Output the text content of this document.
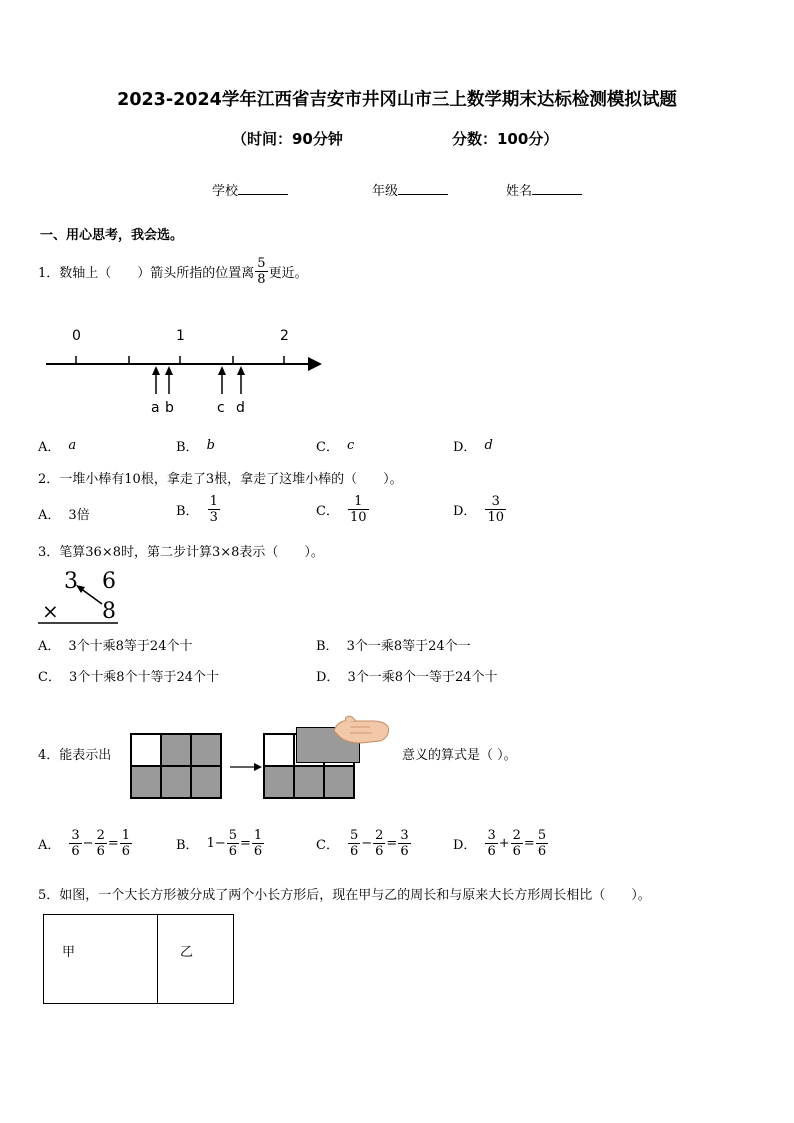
2023-2024学年江西省吉安市井冈山市三上数学期末达标检测模拟试题
（时间：90分钟	分数：100分）
学校	年级	姓名
一、用心思考，我会选。
1．数轴上（　　）箭头所指的位置离 $\frac{5}{8}$ 更近。
0	1	2
a b	c d
A． a	B． b	C． c	D． d
2．一堆小棒有10根，拿走了3根，拿走了这堆小棒的（　　）。
A． 3倍	B． $\frac{1}{3}$	C． $\frac{1}{10}$	D． $\frac{3}{10}$
3．笔算36×8时，第二步计算3×8表示（　　）。
3 6
× 8
A． 3个十乘8等于24个十	B． 3个一乘8等于24个一
C． 3个十乘8个十等于24个十	D． 3个一乘8个一等于24个十
4．能表示出	意义的算式是（ ）。
A． $\frac{3}{6} - \frac{2}{6} = \frac{1}{6}$	B． $1- \frac{5}{6} = \frac{1}{6}$	C． $\frac{5}{6} - \frac{2}{6} = \frac{3}{6}$	D． $\frac{3}{6} + \frac{2}{6} = \frac{5}{6}$
5．如图，一个大长方形被分成了两个小长方形后，现在甲与乙的周长和与原来大长方形周长相比（　　）。
甲	乙
